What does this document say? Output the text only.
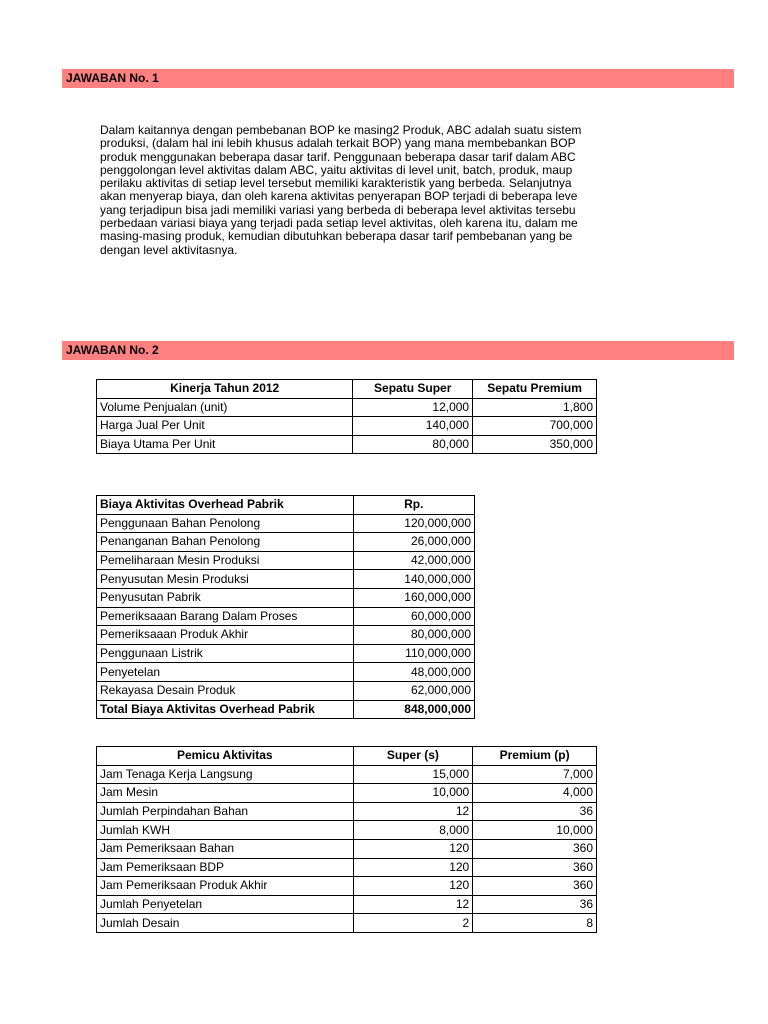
JAWABAN No. 1
Dalam kaitannya dengan pembebanan BOP ke masing2 Produk, ABC adalah suatu sistem
produksi, (dalam hal ini lebih khusus adalah terkait BOP) yang mana membebankan BOP
produk menggunakan beberapa dasar tarif. Penggunaan beberapa dasar tarif dalam ABC
penggolongan level aktivitas dalam ABC, yaitu aktivitas di level unit, batch, produk, maup
perilaku aktivitas di setiap level tersebut memiliki karakteristik yang berbeda. Selanjutnya
akan menyerap biaya, dan oleh karena aktivitas penyerapan BOP terjadi di beberapa leve
yang terjadipun bisa jadi memiliki variasi yang berbeda di beberapa level aktivitas tersebu
perbedaan variasi biaya yang terjadi pada setiap level aktivitas, oleh karena itu, dalam me
masing-masing produk, kemudian dibutuhkan beberapa dasar tarif pembebanan yang be
dengan level aktivitasnya.
JAWABAN No. 2
Kinerja Tahun 2012	Sepatu Super	Sepatu Premium
Volume Penjualan (unit)	12,000	1,800
Harga Jual Per Unit	140,000	700,000
Biaya Utama Per Unit	80,000	350,000
Biaya Aktivitas Overhead Pabrik	Rp.
Penggunaan Bahan Penolong	120,000,000
Penanganan Bahan Penolong	26,000,000
Pemeliharaan Mesin Produksi	42,000,000
Penyusutan Mesin Produksi	140,000,000
Penyusutan Pabrik	160,000,000
Pemeriksaaan Barang Dalam Proses	60,000,000
Pemeriksaaan Produk Akhir	80,000,000
Penggunaan Listrik	110,000,000
Penyetelan	48,000,000
Rekayasa Desain Produk	62,000,000
Total Biaya Aktivitas Overhead Pabrik	848,000,000
Pemicu Aktivitas	Super (s)	Premium (p)
Jam Tenaga Kerja Langsung	15,000	7,000
Jam Mesin	10,000	4,000
Jumlah Perpindahan Bahan	12	36
Jumlah KWH	8,000	10,000
Jam Pemeriksaan Bahan	120	360
Jam Pemeriksaan BDP	120	360
Jam Pemeriksaan Produk Akhir	120	360
Jumlah Penyetelan	12	36
Jumlah Desain	2	8
